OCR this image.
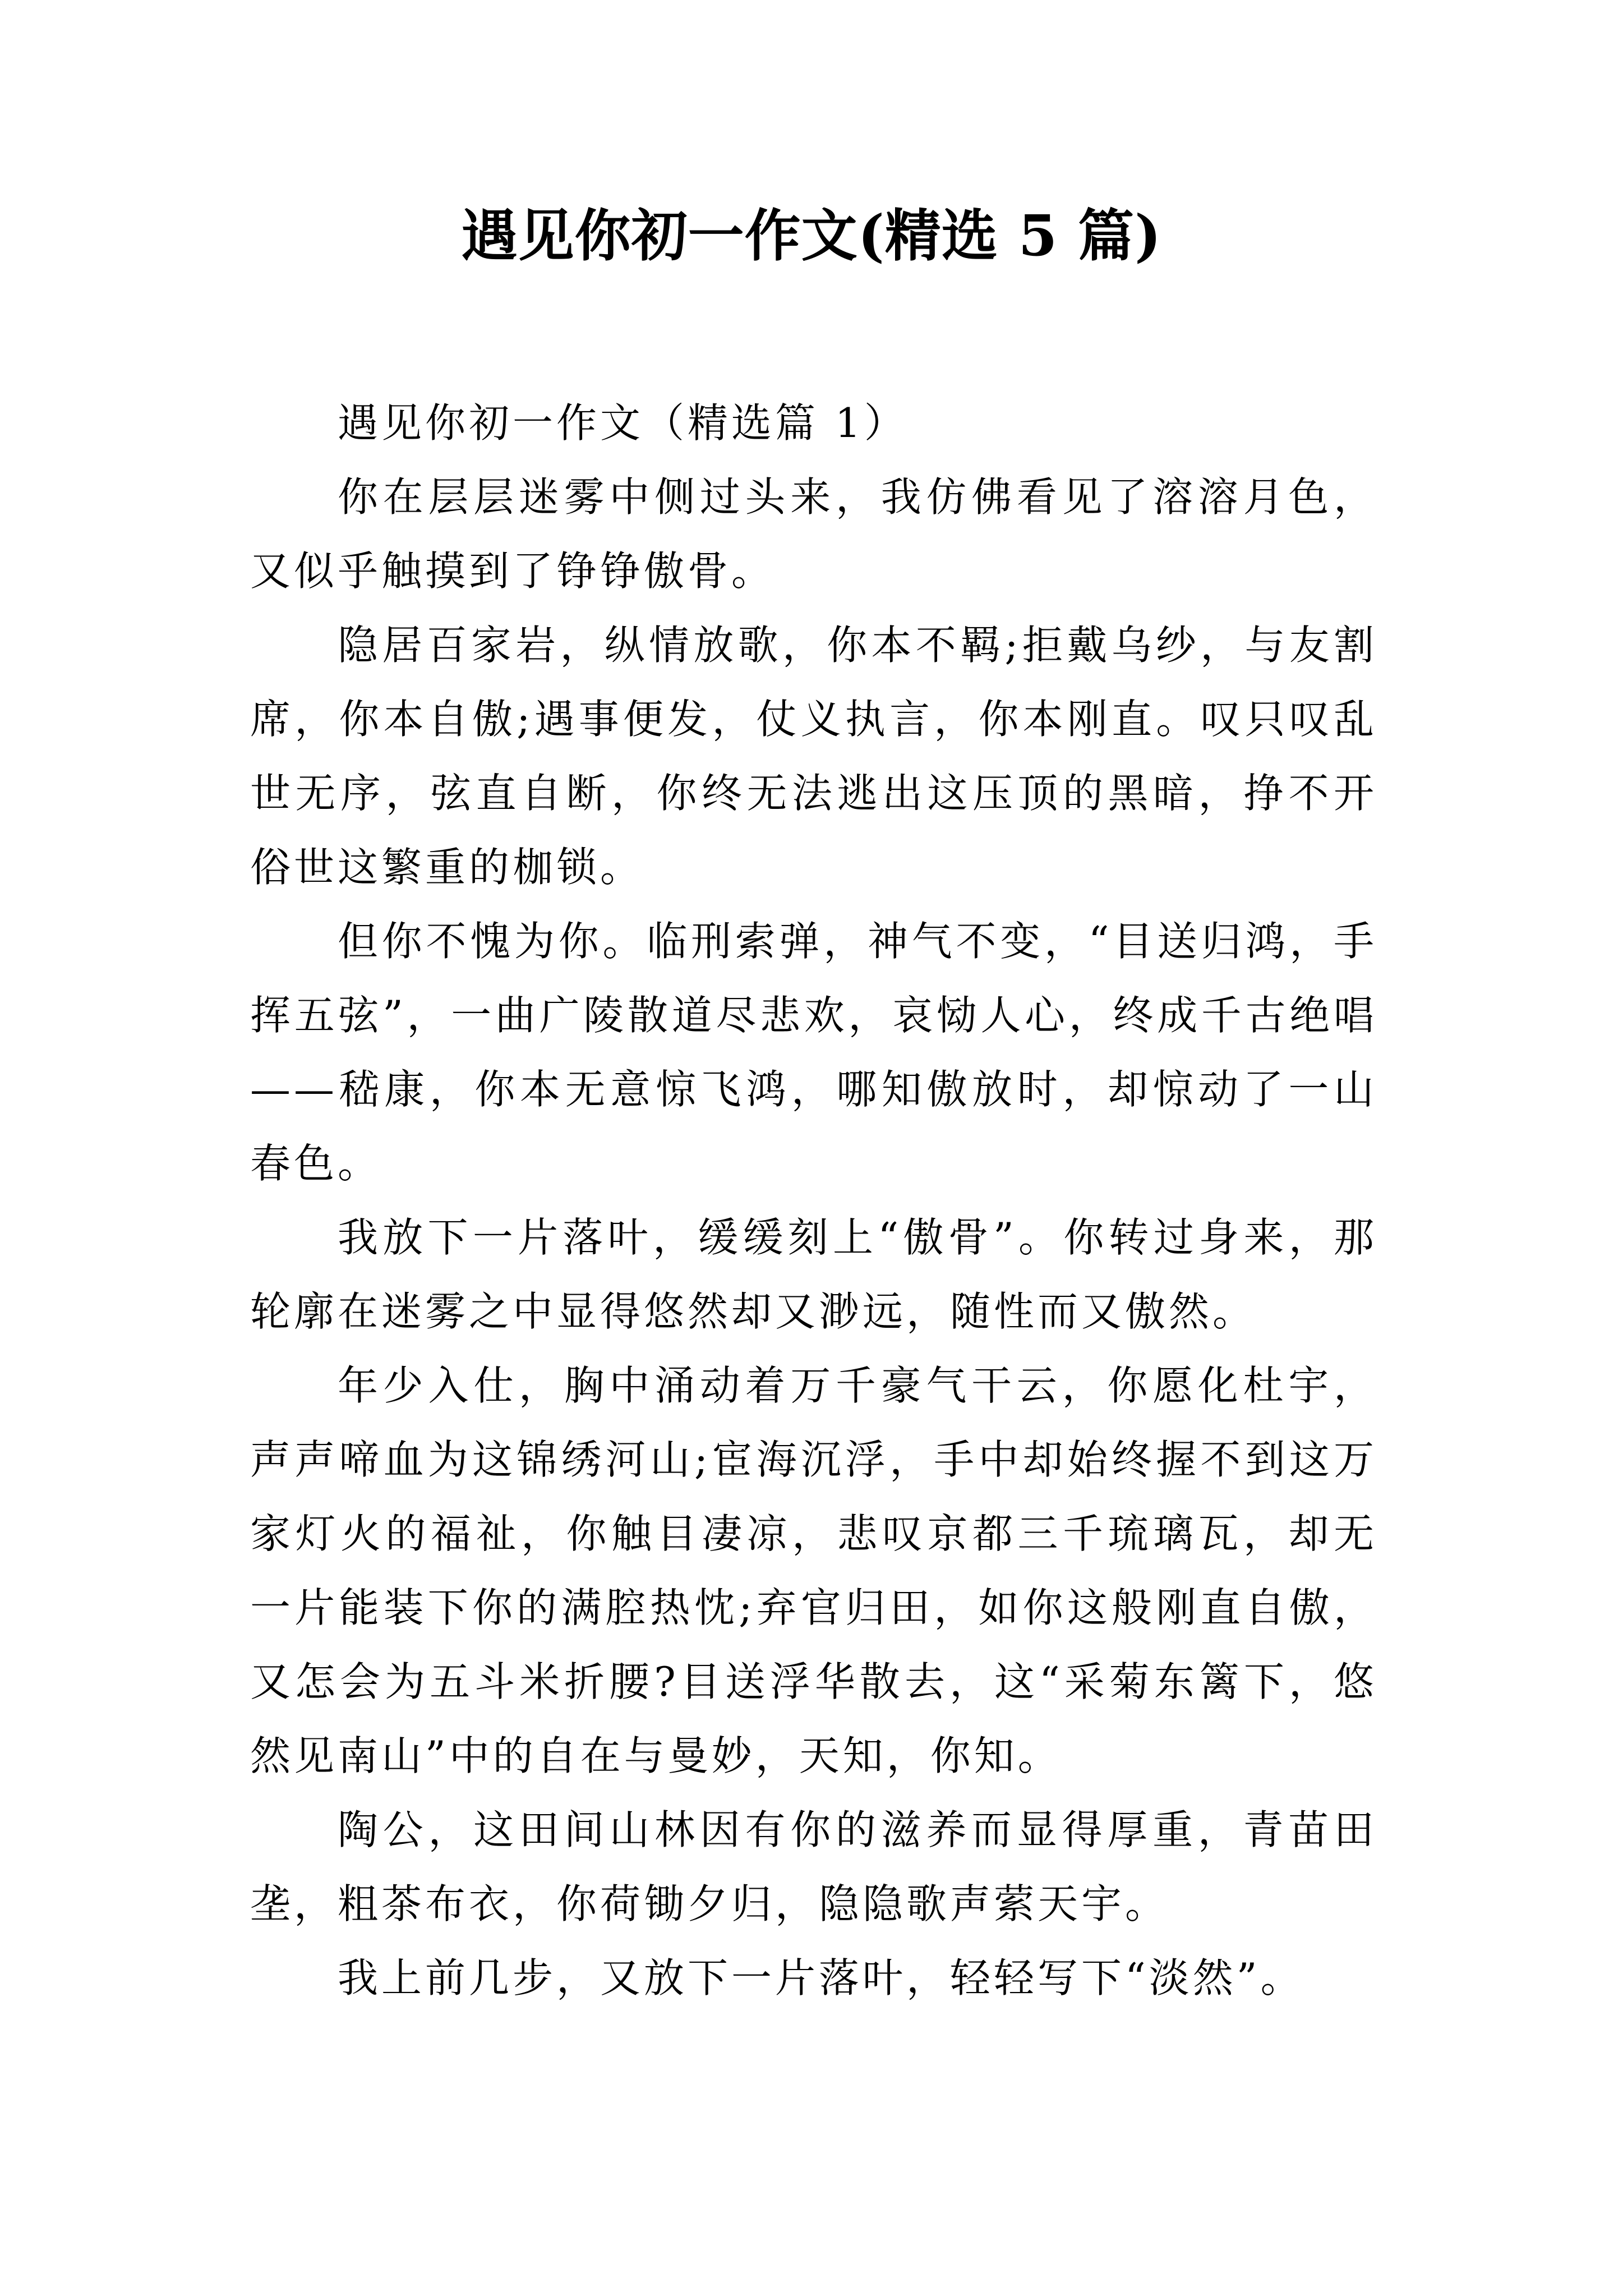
遇见你初一作文(精选 5 篇)

遇见你初一作文（精选篇 1）

你在层层迷雾中侧过头来，我仿佛看见了溶溶月色，又似乎触摸到了铮铮傲骨。

隐居百家岩，纵情放歌，你本不羁;拒戴乌纱，与友割席，你本自傲;遇事便发，仗义执言，你本刚直。叹只叹乱世无序，弦直自断，你终无法逃出这压顶的黑暗，挣不开俗世这繁重的枷锁。

但你不愧为你。临刑索弹，神气不变，“目送归鸿，手挥五弦”，一曲广陵散道尽悲欢，哀恸人心，终成千古绝唱——嵇康，你本无意惊飞鸿，哪知傲放时，却惊动了一山春色。

我放下一片落叶，缓缓刻上“傲骨”。你转过身来，那轮廓在迷雾之中显得悠然却又渺远，随性而又傲然。

年少入仕，胸中涌动着万千豪气干云，你愿化杜宇，声声啼血为这锦绣河山;宦海沉浮，手中却始终握不到这万家灯火的福祉，你触目凄凉，悲叹京都三千琉璃瓦，却无一片能装下你的满腔热忱;弃官归田，如你这般刚直自傲，又怎会为五斗米折腰?目送浮华散去，这“采菊东篱下，悠然见南山”中的自在与曼妙，天知，你知。

陶公，这田间山林因有你的滋养而显得厚重，青苗田垄，粗茶布衣，你荷锄夕归，隐隐歌声萦天宇。

我上前几步，又放下一片落叶，轻轻写下“淡然”。
